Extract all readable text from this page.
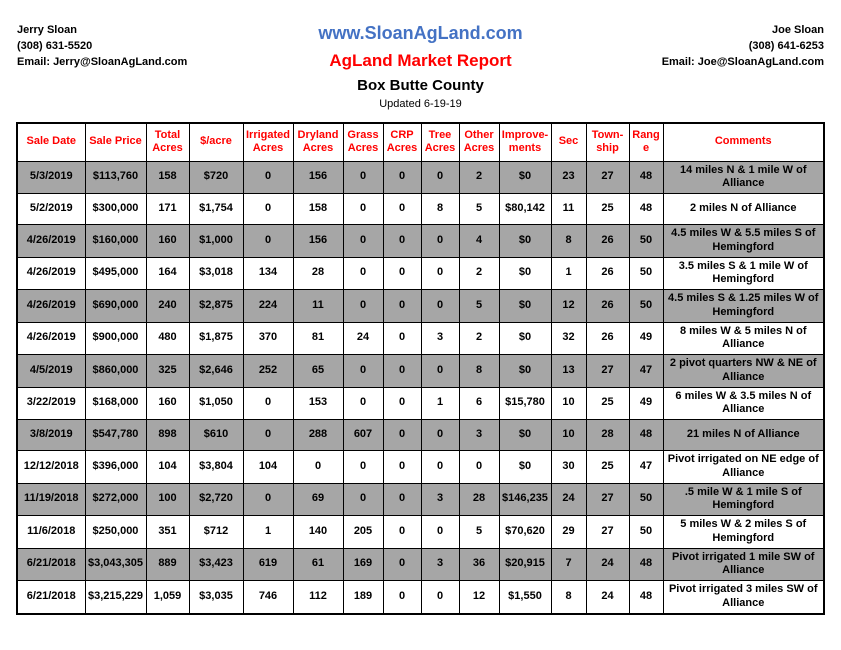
Jerry Sloan
(308) 631-5520
Email: Jerry@SloanAgLand.com
www.SloanAgLand.com
AgLand Market Report
Box Butte County
Updated 6-19-19
Joe Sloan
(308) 641-6253
Email: Joe@SloanAgLand.com
Sale Date	Sale Price	Total Acres	$/acre	Irrigated Acres	Dryland Acres	Grass Acres	CRP Acres	Tree Acres	Other Acres	Improve-ments	Sec	Town-ship	Range	Comments
5/3/2019	$113,760	158	$720	0	156	0	0	0	2	$0	23	27	48	14 miles N & 1 mile W of Alliance
5/2/2019	$300,000	171	$1,754	0	158	0	0	8	5	$80,142	11	25	48	2 miles N of Alliance
4/26/2019	$160,000	160	$1,000	0	156	0	0	0	4	$0	8	26	50	4.5 miles W & 5.5 miles S of Hemingford
4/26/2019	$495,000	164	$3,018	134	28	0	0	0	2	$0	1	26	50	3.5 miles S & 1 mile W of Hemingford
4/26/2019	$690,000	240	$2,875	224	11	0	0	0	5	$0	12	26	50	4.5 miles S & 1.25 miles W of Hemingford
4/26/2019	$900,000	480	$1,875	370	81	24	0	3	2	$0	32	26	49	8 miles W & 5 miles N of Alliance
4/5/2019	$860,000	325	$2,646	252	65	0	0	0	8	$0	13	27	47	2 pivot quarters NW & NE of Alliance
3/22/2019	$168,000	160	$1,050	0	153	0	0	1	6	$15,780	10	25	49	6 miles W & 3.5 miles N of Alliance
3/8/2019	$547,780	898	$610	0	288	607	0	0	3	$0	10	28	48	21 miles N of Alliance
12/12/2018	$396,000	104	$3,804	104	0	0	0	0	0	$0	30	25	47	Pivot irrigated on NE edge of Alliance
11/19/2018	$272,000	100	$2,720	0	69	0	0	3	28	$146,235	24	27	50	.5 mile W & 1 mile S of Hemingford
11/6/2018	$250,000	351	$712	1	140	205	0	0	5	$70,620	29	27	50	5 miles W & 2 miles S of Hemingford
6/21/2018	$3,043,305	889	$3,423	619	61	169	0	3	36	$20,915	7	24	48	Pivot irrigated 1 mile SW of Alliance
6/21/2018	$3,215,229	1,059	$3,035	746	112	189	0	0	12	$1,550	8	24	48	Pivot irrigated 3 miles SW of Alliance
